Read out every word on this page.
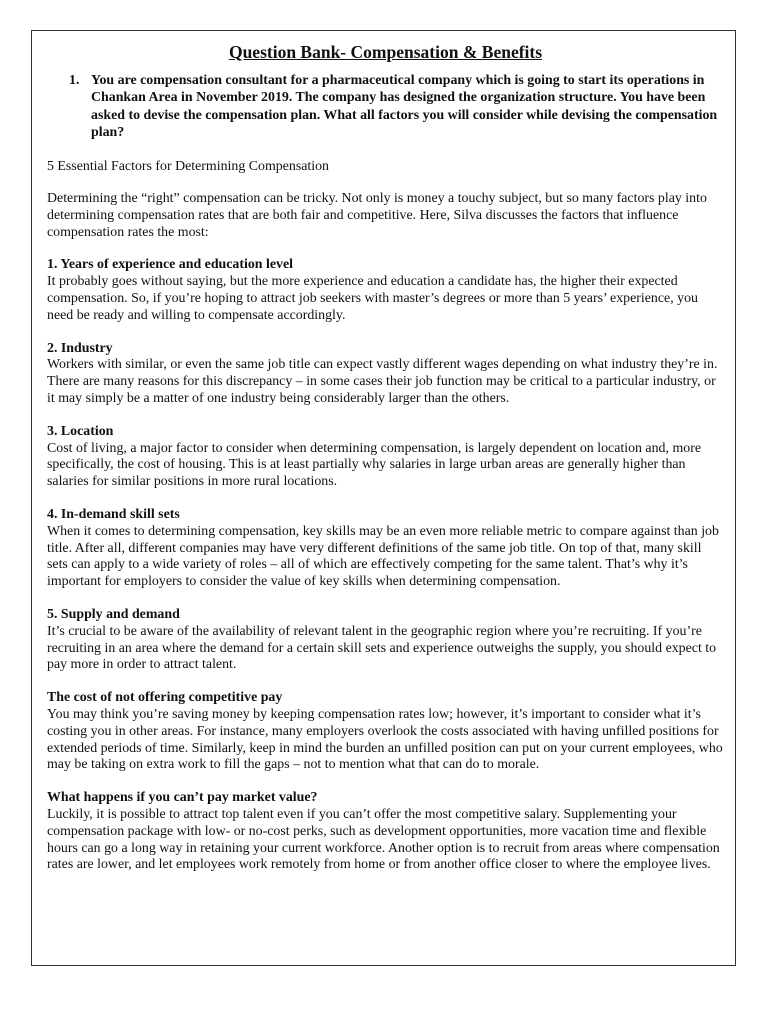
Question Bank- Compensation & Benefits
1. You are compensation consultant for a pharmaceutical company which is going to start its operations in Chankan Area in November 2019. The company has designed the organization structure. You have been asked to devise the compensation plan. What all factors you will consider while devising the compensation plan?
5 Essential Factors for Determining Compensation
Determining the “right” compensation can be tricky. Not only is money a touchy subject, but so many factors play into determining compensation rates that are both fair and competitive. Here, Silva discusses the factors that influence compensation rates the most:
1. Years of experience and education level
It probably goes without saying, but the more experience and education a candidate has, the higher their expected compensation. So, if you’re hoping to attract job seekers with master’s degrees or more than 5 years’ experience, you need be ready and willing to compensate accordingly.
2. Industry
Workers with similar, or even the same job title can expect vastly different wages depending on what industry they’re in. There are many reasons for this discrepancy – in some cases their job function may be critical to a particular industry, or it may simply be a matter of one industry being considerably larger than the others.
3. Location
Cost of living, a major factor to consider when determining compensation, is largely dependent on location and, more specifically, the cost of housing. This is at least partially why salaries in large urban areas are generally higher than salaries for similar positions in more rural locations.
4. In-demand skill sets
When it comes to determining compensation, key skills may be an even more reliable metric to compare against than job title. After all, different companies may have very different definitions of the same job title. On top of that, many skill sets can apply to a wide variety of roles – all of which are effectively competing for the same talent. That’s why it’s important for employers to consider the value of key skills when determining compensation.
5. Supply and demand
It’s crucial to be aware of the availability of relevant talent in the geographic region where you’re recruiting. If you’re recruiting in an area where the demand for a certain skill sets and experience outweighs the supply, you should expect to pay more in order to attract talent.
The cost of not offering competitive pay
You may think you’re saving money by keeping compensation rates low; however, it’s important to consider what it’s costing you in other areas. For instance, many employers overlook the costs associated with having unfilled positions for extended periods of time. Similarly, keep in mind the burden an unfilled position can put on your current employees, who may be taking on extra work to fill the gaps – not to mention what that can do to morale.
What happens if you can’t pay market value?
Luckily, it is possible to attract top talent even if you can’t offer the most competitive salary. Supplementing your compensation package with low- or no-cost perks, such as development opportunities, more vacation time and flexible hours can go a long way in retaining your current workforce. Another option is to recruit from areas where compensation rates are lower, and let employees work remotely from home or from another office closer to where the employee lives.
